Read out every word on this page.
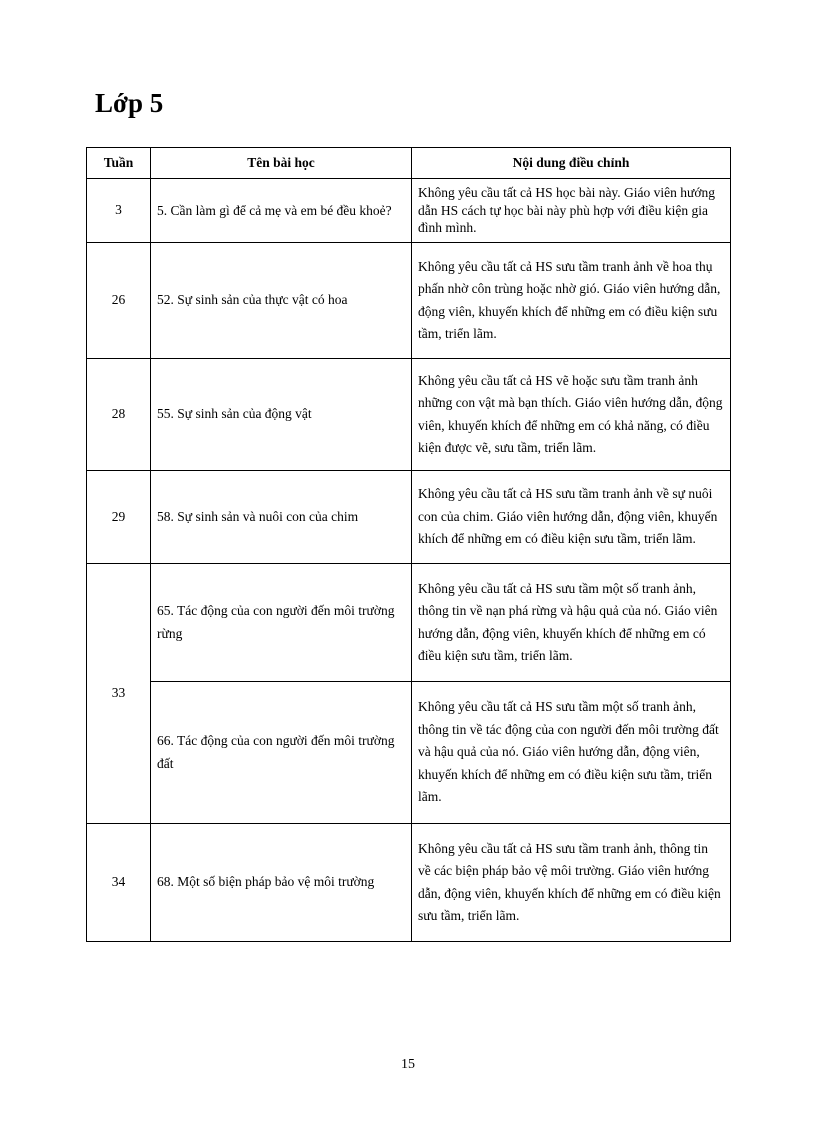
Lớp 5
Tuần	Tên bài học	Nội dung điều chỉnh
3	5. Cần làm gì để cả mẹ và em bé đều khoẻ?	Không yêu cầu tất cả HS học bài này. Giáo viên hướng dẫn HS cách tự học bài này phù hợp với điều kiện gia đình mình.
26	52. Sự sinh sản của thực vật có hoa	Không yêu cầu tất cả HS sưu tầm tranh ảnh về hoa thụ phấn nhờ côn trùng hoặc nhờ gió. Giáo viên hướng dẫn, động viên, khuyến khích để những em có điều kiện sưu tầm, triển lãm.
28	55. Sự sinh sản của động vật	Không yêu cầu tất cả HS vẽ hoặc sưu tầm tranh ảnh những con vật mà bạn thích. Giáo viên hướng dẫn, động viên, khuyến khích để những em có khả năng, có điều kiện được vẽ, sưu tầm, triển lãm.
29	58. Sự sinh sản và nuôi con của chim	Không yêu cầu tất cả HS sưu tầm tranh ảnh về sự nuôi con của chim. Giáo viên hướng dẫn, động viên, khuyến khích để những em có điều kiện sưu tầm, triển lãm.
33	65. Tác động của con người đến môi trường rừng	Không yêu cầu tất cả HS sưu tầm một số tranh ảnh, thông tin về nạn phá rừng và hậu quả của nó. Giáo viên hướng dẫn, động viên, khuyến khích để những em có điều kiện sưu tầm, triển lãm.
	66. Tác động của con người đến môi trường đất	Không yêu cầu tất cả HS sưu tầm một số tranh ảnh, thông tin về tác động của con người đến môi trường đất và hậu quả của nó. Giáo viên hướng dẫn, động viên, khuyến khích để những em có điều kiện sưu tầm, triển lãm.
34	68. Một số biện pháp bảo vệ môi trường	Không yêu cầu tất cả HS sưu tầm tranh ảnh, thông tin về các biện pháp bảo vệ môi trường. Giáo viên hướng dẫn, động viên, khuyến khích để những em có điều kiện sưu tầm, triển lãm.
15
